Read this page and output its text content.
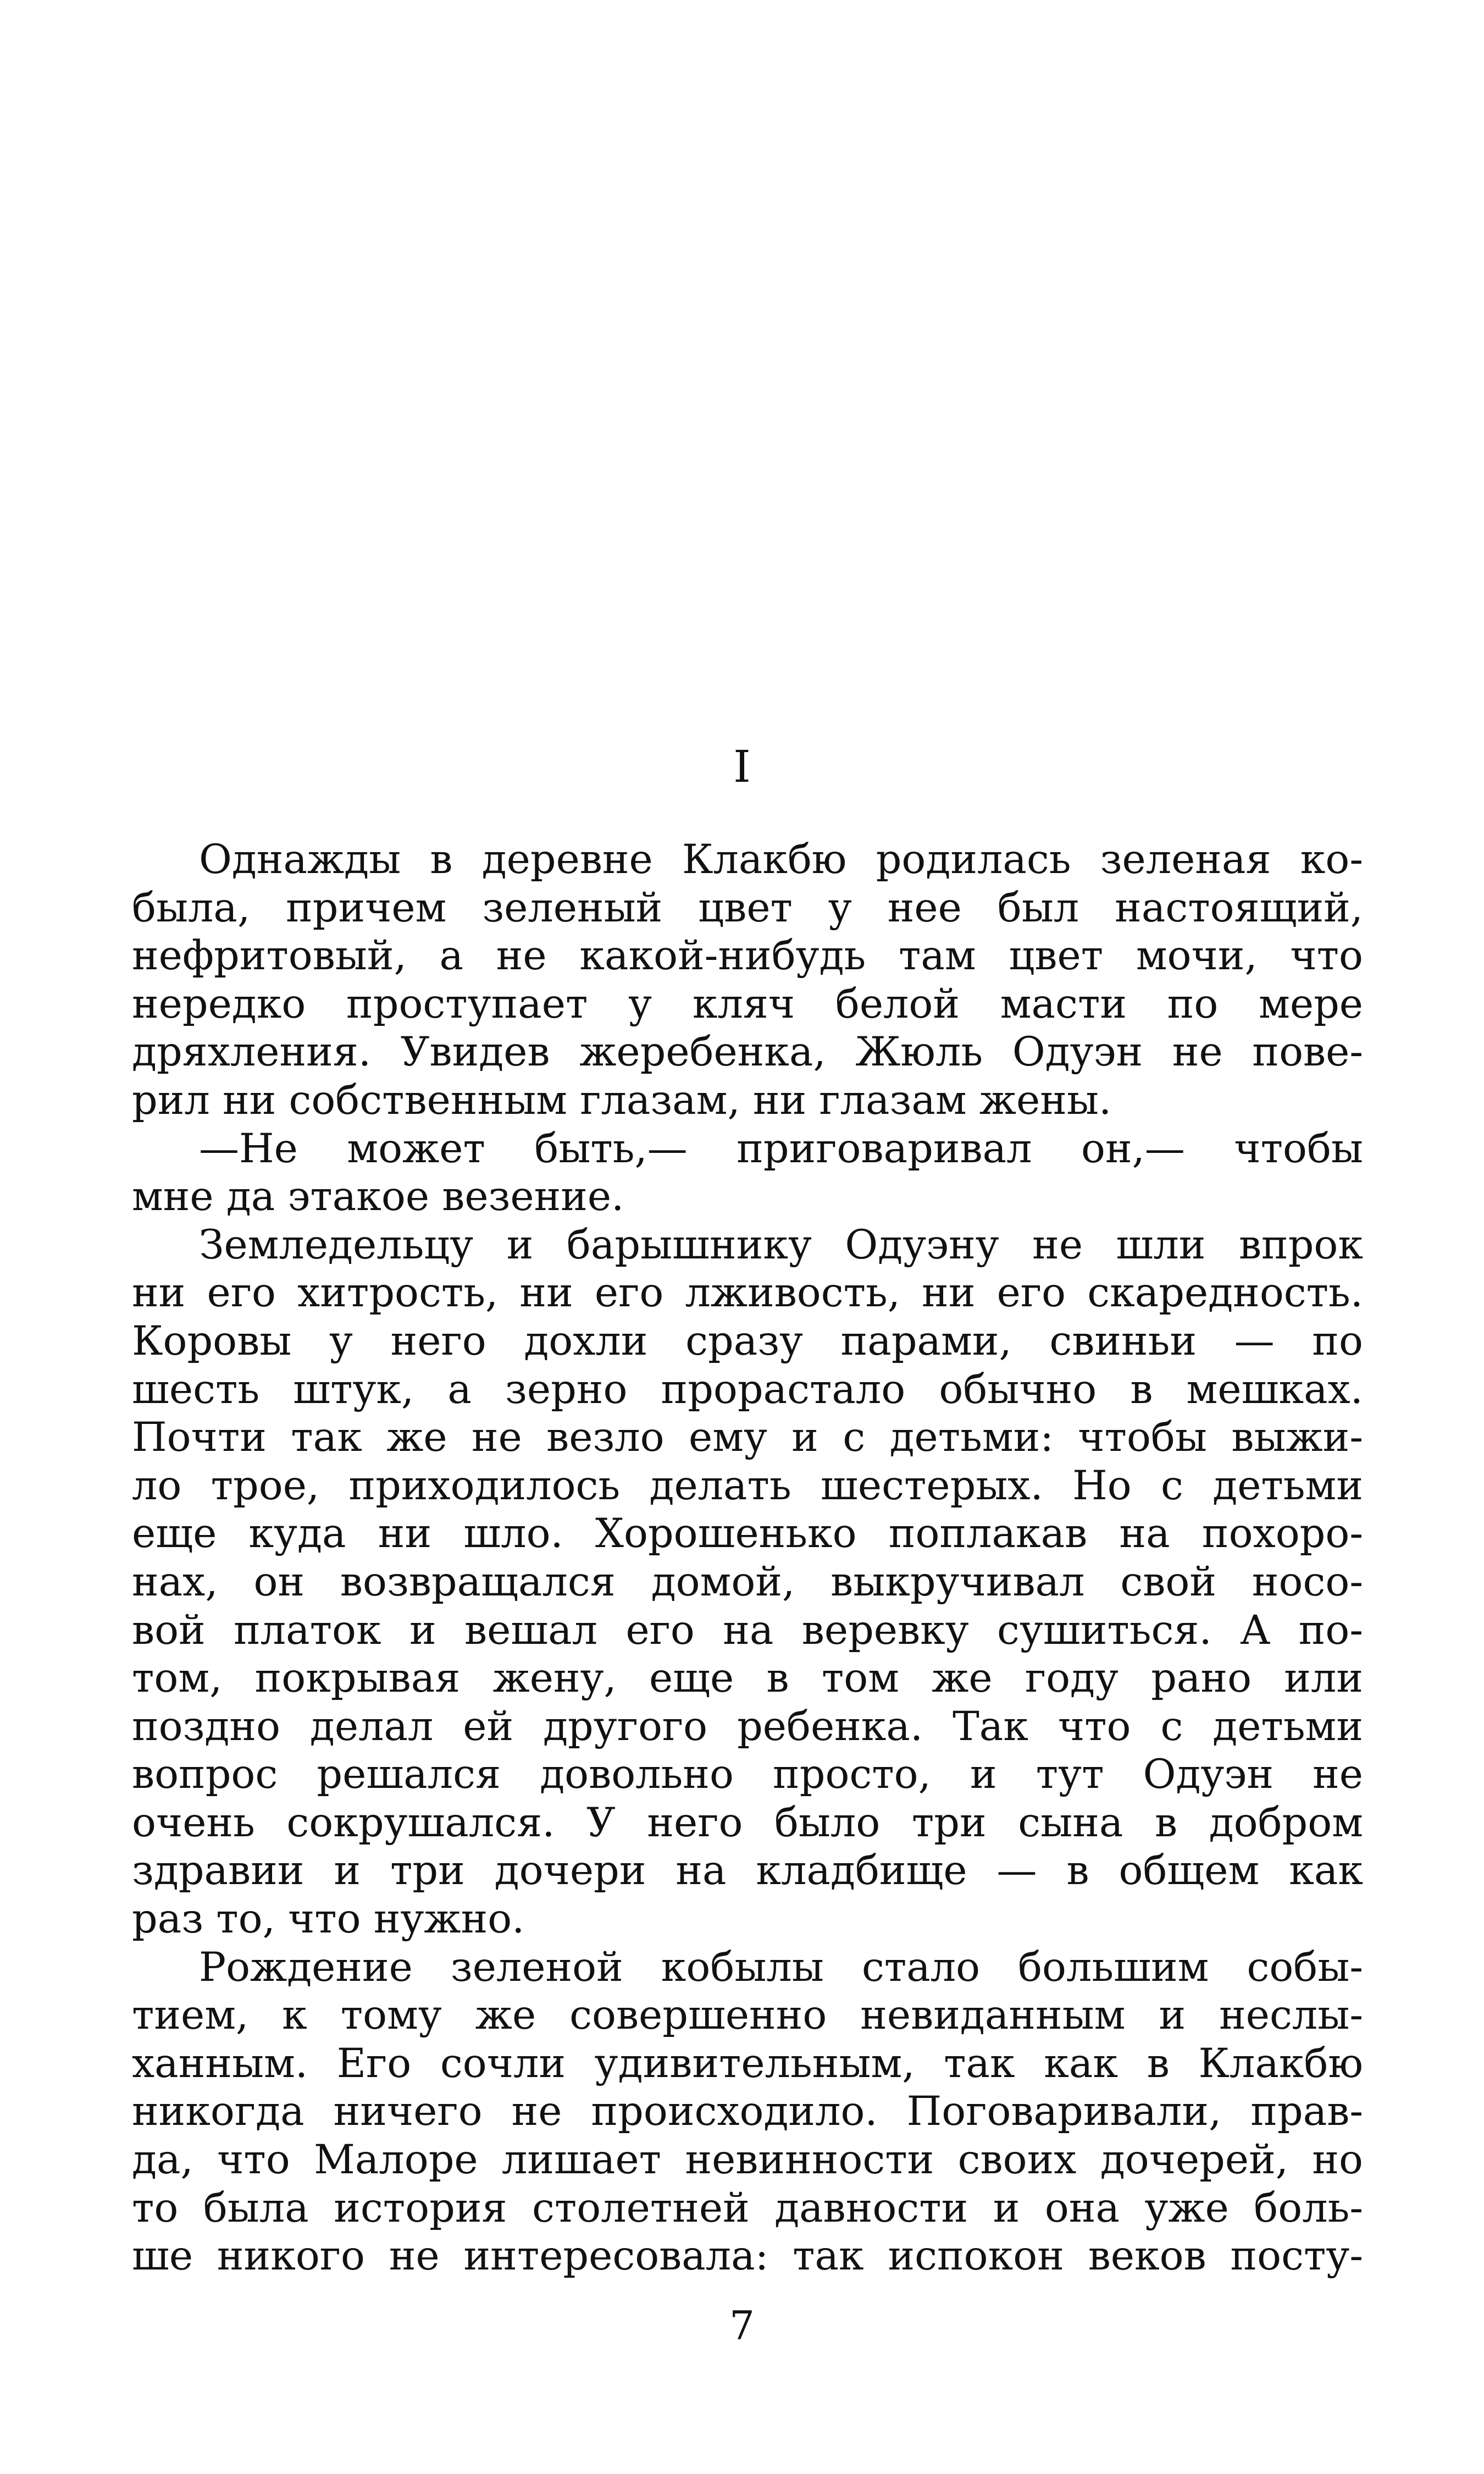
I
Однажды в деревне Клакбю родилась зеленая ко-
была, причем зеленый цвет у нее был настоящий,
нефритовый, а не какой-нибудь там цвет мочи, что
нередко проступает у кляч белой масти по мере
дряхления. Увидев жеребенка, Жюль Одуэн не пове-
рил ни собственным глазам, ни глазам жены.
—Не может быть,— приговаривал он,— чтобы
мне да этакое везение.
Земледельцу и барышнику Одуэну не шли впрок
ни его хитрость, ни его лживость, ни его скаредность.
Коровы у него дохли сразу парами, свиньи — по
шесть штук, а зерно прорастало обычно в мешках.
Почти так же не везло ему и с детьми: чтобы выжи-
ло трое, приходилось делать шестерых. Но с детьми
еще куда ни шло. Хорошенько поплакав на похоро-
нах, он возвращался домой, выкручивал свой носо-
вой платок и вешал его на веревку сушиться. А по-
том, покрывая жену, еще в том же году рано или
поздно делал ей другого ребенка. Так что с детьми
вопрос решался довольно просто, и тут Одуэн не
очень сокрушался. У него было три сына в добром
здравии и три дочери на кладбище — в общем как
раз то, что нужно.
Рождение зеленой кобылы стало большим собы-
тием, к тому же совершенно невиданным и неслы-
ханным. Его сочли удивительным, так как в Клакбю
никогда ничего не происходило. Поговаривали, прав-
да, что Малоре лишает невинности своих дочерей, но
то была история столетней давности и она уже боль-
ше никого не интересовала: так испокон веков посту-
7
